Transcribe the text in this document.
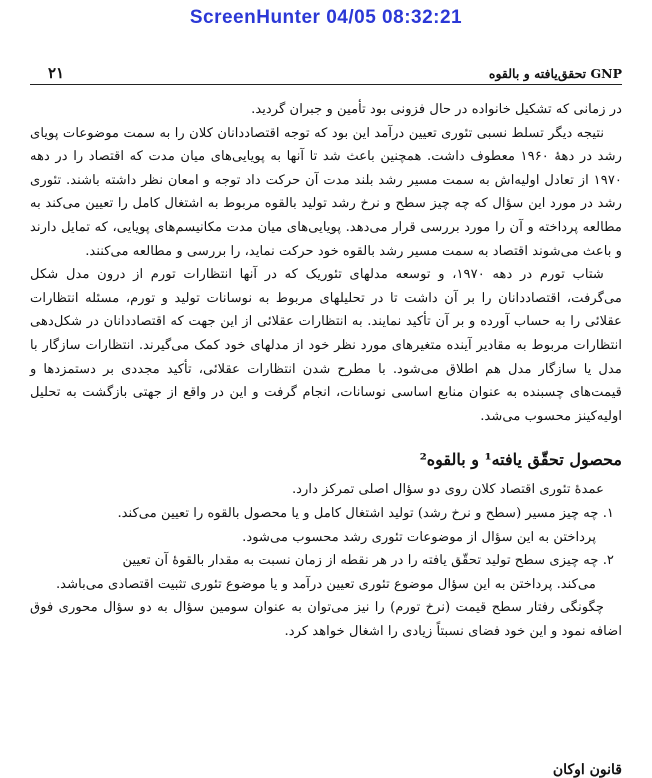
ScreenHunter 04/05 08:32:21
۲۱	GNP تحقق‌یافته و بالقوه

در زمانی که تشکیل خانواده در حال فزونی بود تأمین و جبران گردید.

نتیجه دیگر تسلط نسبی تئوری تعیین درآمد این بود که توجه اقتصاددانان کلان را به سمت موضوعات پویای رشد در دههٔ ۱۹۶۰ معطوف داشت. همچنین باعث شد تا آنها به پویایی‌های میان مدت که اقتصاد را در دهه ۱۹۷۰ از تعادل اولیه‌اش به سمت مسیر رشد بلند مدت آن حرکت داد توجه و امعان نظر داشته باشند. تئوری رشد در مورد این سؤال که چه چیز سطح و نرخ رشد تولید بالقوه مربوط به اشتغال کامل را تعیین می‌کند به مطالعه پرداخته و آن را مورد بررسی قرار می‌دهد. پویایی‌های میان مدت مکانیسم‌های پویایی، که تمایل دارند و باعث می‌شوند اقتصاد به سمت مسیر رشد بالقوه خود حرکت نماید، را بررسی و مطالعه می‌کنند.

شتاب تورم در دهه ۱۹۷۰، و توسعه مدلهای تئوریک که در آنها انتظارات تورم از درون مدل شکل می‌گرفت، اقتصاددانان را بر آن داشت تا در تحلیلهای مربوط به نوسانات تولید و تورم، مسئله انتظارات عقلائی را به حساب آورده و بر آن تأکید نمایند. به انتظارات عقلائی از این جهت که اقتصاددانان در شکل‌دهی انتظارات مربوط به مقادیر آینده متغیرهای مورد نظر خود از مدلهای خود کمک می‌گیرند. انتظارات سازگار با مدل یا سازگار مدل هم اطلاق می‌شود. با مطرح شدن انتظارات عقلائی، تأکید مجددی بر دستمزدها و قیمت‌های چسبنده به عنوان منابع اساسی نوسانات، انجام گرفت و این در واقع از جهتی بازگشت به تحلیل اولیه‌کینز محسوب می‌شد.

محصول تحقّق یافته¹ و بالقوه²

عمدهٔ تئوری اقتصاد کلان روی دو سؤال اصلی تمرکز دارد.

۱. چه چیز مسیر (سطح و نرخ رشد) تولید اشتغال کامل و یا محصول بالقوه را تعیین می‌کند.

پرداختن به این سؤال از موضوعات تئوری رشد محسوب می‌شود.

۲. چه چیزی سطح تولید تحقّق یافته را در هر نقطه از زمان نسبت به مقدار بالقوهٔ آن تعیین

می‌کند. پرداختن به این سؤال موضوع تئوری تعیین درآمد و یا موضوع تئوری تثبیت اقتصادی می‌باشد.

چگونگی رفتار سطح قیمت (نرخ تورم) را نیز می‌توان به عنوان سومین سؤال به دو سؤال محوری فوق اضافه نمود و این خود فضای نسبتاً زیادی را اشغال خواهد کرد.

قانون اوکان
